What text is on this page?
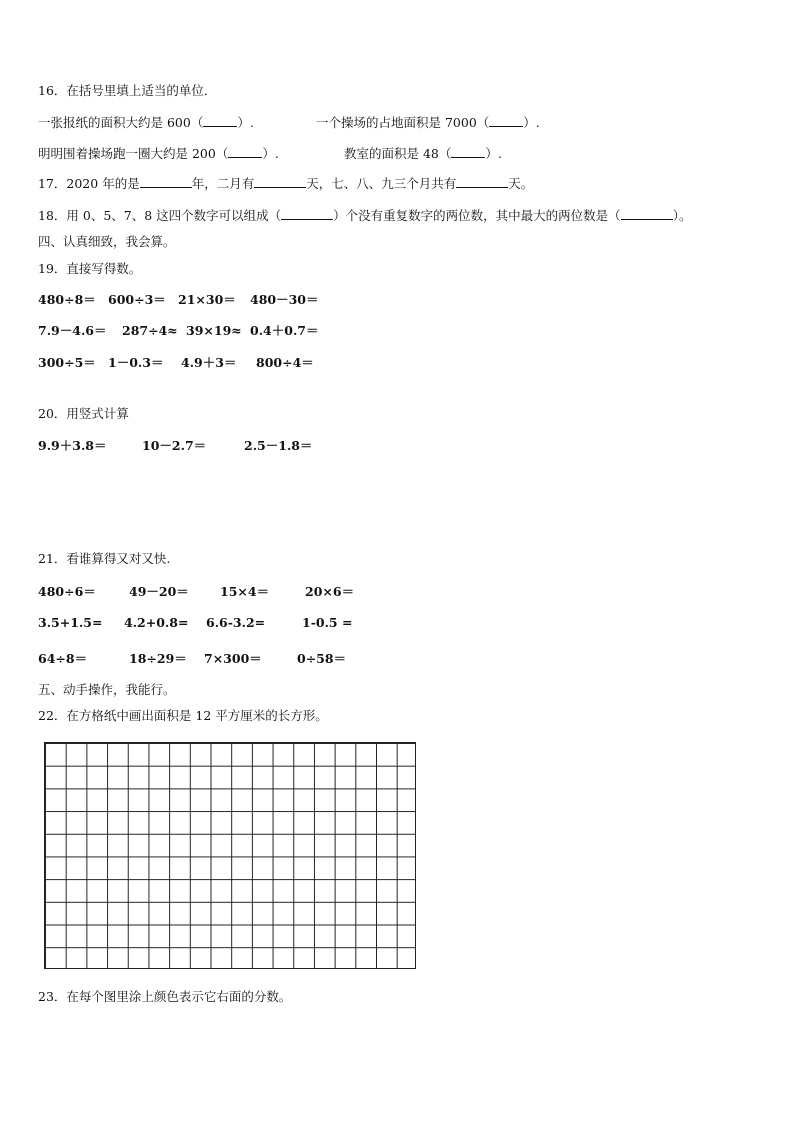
16．在括号里填上适当的单位．
一张报纸的面积大约是 600（	）.	一个操场的占地面积是 7000（	）.
明明围着操场跑一圈大约是 200（	）.	教室的面积是 48（	）.
17．2020 年的是	年，二月有	天，七、八、九三个月共有	天。
18．用 0、5、7、8 这四个数字可以组成（	）个没有重复数字的两位数，其中最大的两位数是（	）。
四、认真细致，我会算。
19．直接写得数。
480÷8＝ 600÷3＝ 21×30＝ 480－30＝
7.9－4.6＝ 287÷4≈ 39×19≈ 0.4＋0.7＝
300÷5＝ 1－0.3＝ 4.9＋3＝ 800÷4＝
20．用竖式计算
9.9＋3.8＝	10－2.7＝	2.5－1.8＝
21．看谁算得又对又快.
480÷6＝	49－20＝ 15×4＝	20×6＝
3.5+1.5= 4.2+0.8= 6.6-3.2=	1-0.5 =
64÷8＝	18÷29＝ 7×300＝	0÷58＝
五、动手操作，我能行。
22．在方格纸中画出面积是 12 平方厘米的长方形。
23．在每个图里涂上颜色表示它右面的分数。
